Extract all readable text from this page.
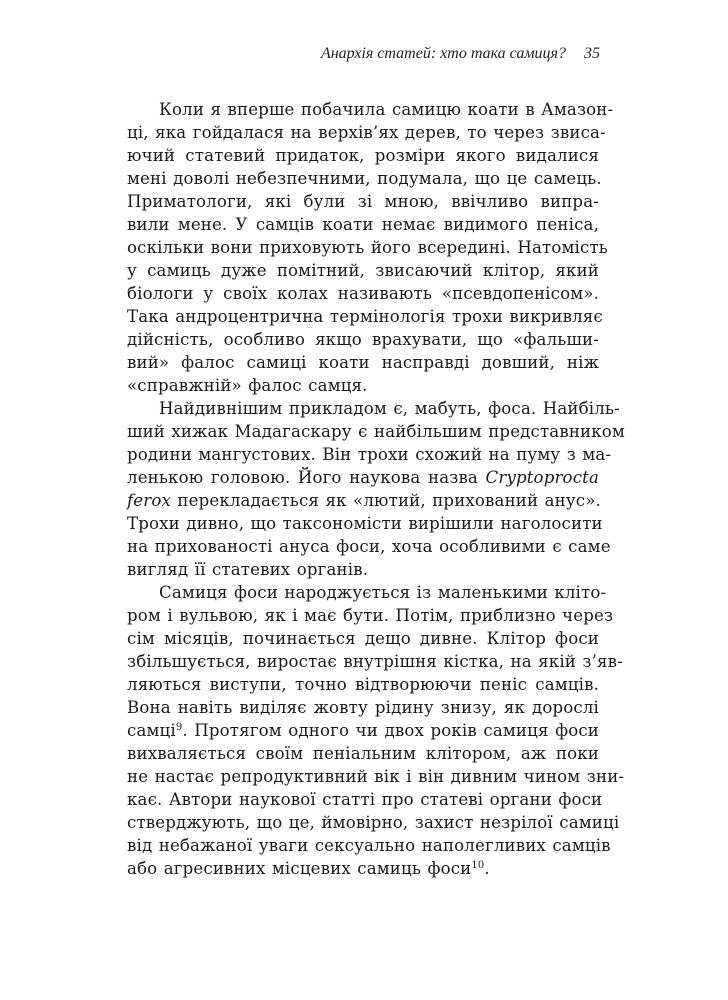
Анархія статей: хто така самиця? 35
Коли я вперше побачила самицю коати в Амазон-
ці, яка гойдалася на верхів’ях дерев, то через звиса-
ючий статевий придаток, розміри якого видалися
мені доволі небезпечними, подумала, що це самець.
Приматологи, які були зі мною, ввічливо випра-
вили мене. У самців коати немає видимого пеніса,
оскільки вони приховують його всередині. Натомість
у самиць дуже помітний, звисаючий клітор, який
біологи у своїх колах називають «псевдопенісом».
Така андроцентрична термінологія трохи викривляє
дійсність, особливо якщо врахувати, що «фальши-
вий» фалос самиці коати насправді довший, ніж
«справжній» фалос самця.
Найдивнішим прикладом є, мабуть, фоса. Найбіль-
ший хижак Мадагаскару є найбільшим представником
родини мангустових. Він трохи схожий на пуму з ма-
ленькою головою. Його наукова назва Cryptoprocta
ferox перекладається як «лютий, прихований анус».
Трохи дивно, що таксономісти вирішили наголосити
на прихованості ануса фоси, хоча особливими є саме
вигляд її статевих органів.
Самиця фоси народжується із маленькими кліто-
ром і вульвою, як і має бути. Потім, приблизно через
сім місяців, починається дещо дивне. Клітор фоси
збільшується, виростає внутрішня кістка, на якій з’яв-
ляються виступи, точно відтворюючи пеніс самців.
Вона навіть виділяє жовту рідину знизу, як дорослі
самці$^9$. Протягом одного чи двох років самиця фоси
вихваляється своїм пеніальним клітором, аж поки
не настає репродуктивний вік і він дивним чином зни-
кає. Автори наукової статті про статеві органи фоси
стверджують, що це, ймовірно, захист незрілої самиці
від небажаної уваги сексуально наполегливих самців
або агресивних місцевих самиць фоси$^{10}$.
